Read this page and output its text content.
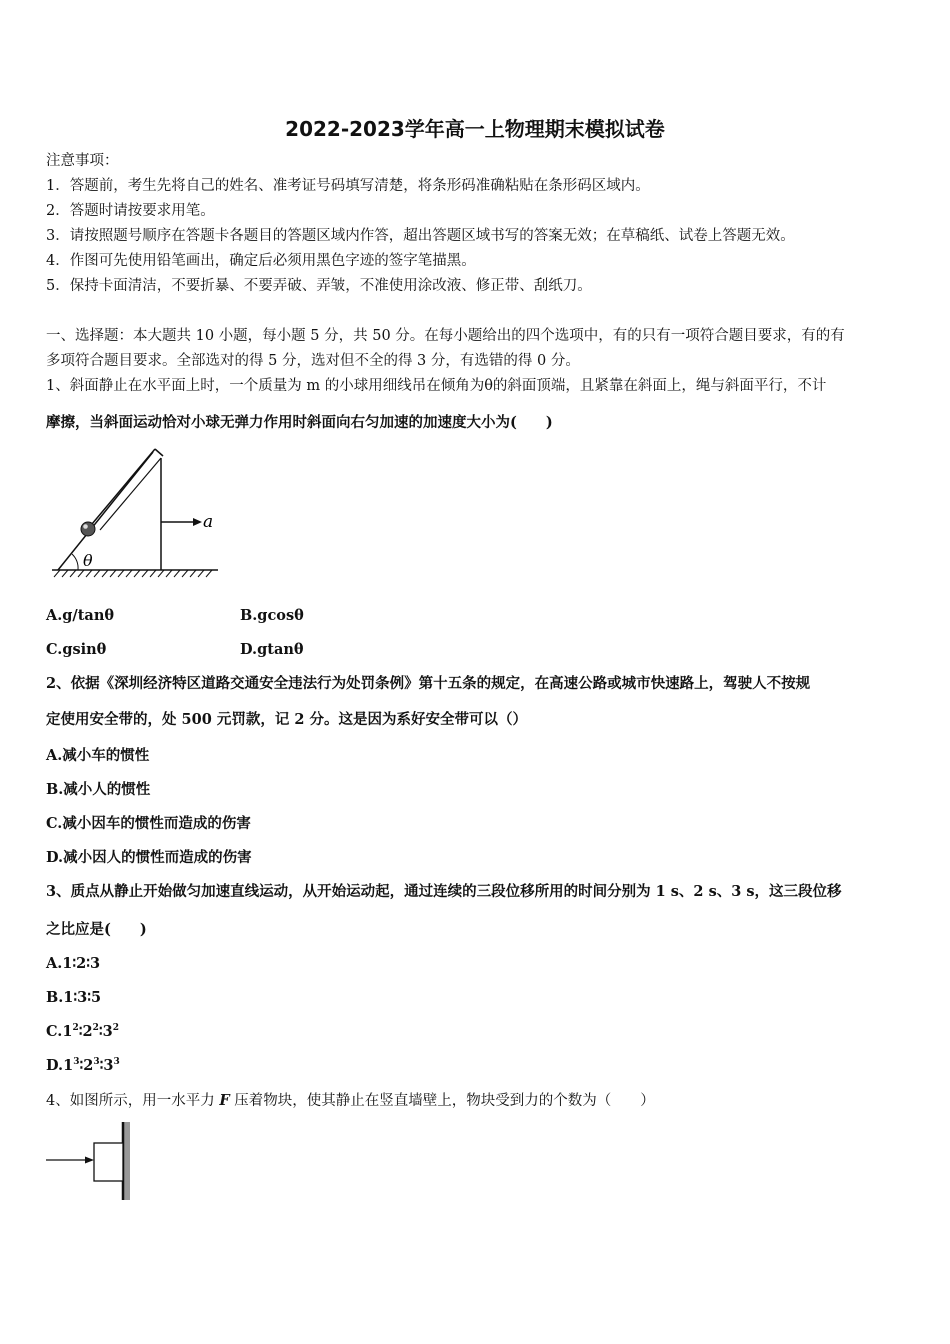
2022-2023学年高一上物理期末模拟试卷
注意事项：
1．答题前，考生先将自己的姓名、准考证号码填写清楚，将条形码准确粘贴在条形码区域内。
2．答题时请按要求用笔。
3．请按照题号顺序在答题卡各题目的答题区域内作答，超出答题区域书写的答案无效；在草稿纸、试卷上答题无效。
4．作图可先使用铅笔画出，确定后必须用黑色字迹的签字笔描黑。
5．保持卡面清洁，不要折暴、不要弄破、弄皱，不准使用涂改液、修正带、刮纸刀。
一、选择题：本大题共 10 小题，每小题 5 分，共 50 分。在每小题给出的四个选项中，有的只有一项符合题目要求，有的有
多项符合题目要求。全部选对的得 5 分，选对但不全的得 3 分，有选错的得 0 分。
1、斜面静止在水平面上时，一个质量为 m 的小球用细线吊在倾角为θ的斜面顶端，且紧靠在斜面上，绳与斜面平行，不计
摩擦，当斜面运动恰对小球无弹力作用时斜面向右匀加速的加速度大小为(　　)
a
θ
A.g/tanθ	B.gcosθ
C.gsinθ	D.gtanθ
2、依据《深圳经济特区道路交通安全违法行为处罚条例》第十五条的规定，在高速公路或城市快速路上，驾驶人不按规
定使用安全带的，处 500 元罚款，记 2 分。这是因为系好安全带可以（）
A.减小车的惯性
B.减小人的惯性
C.减小因车的惯性而造成的伤害
D.减小因人的惯性而造成的伤害
3、质点从静止开始做匀加速直线运动，从开始运动起，通过连续的三段位移所用的时间分别为 1 s、2 s、3 s，这三段位移
之比应是(　　)
A.1∶2∶3
B.1∶3∶5
$C.1^2∶2^2∶3^2$
$D.1^3∶2^3∶3^3$
4、如图所示，用一水平力 F 压着物块，使其静止在竖直墙壁上，物块受到力的个数为（　　）
